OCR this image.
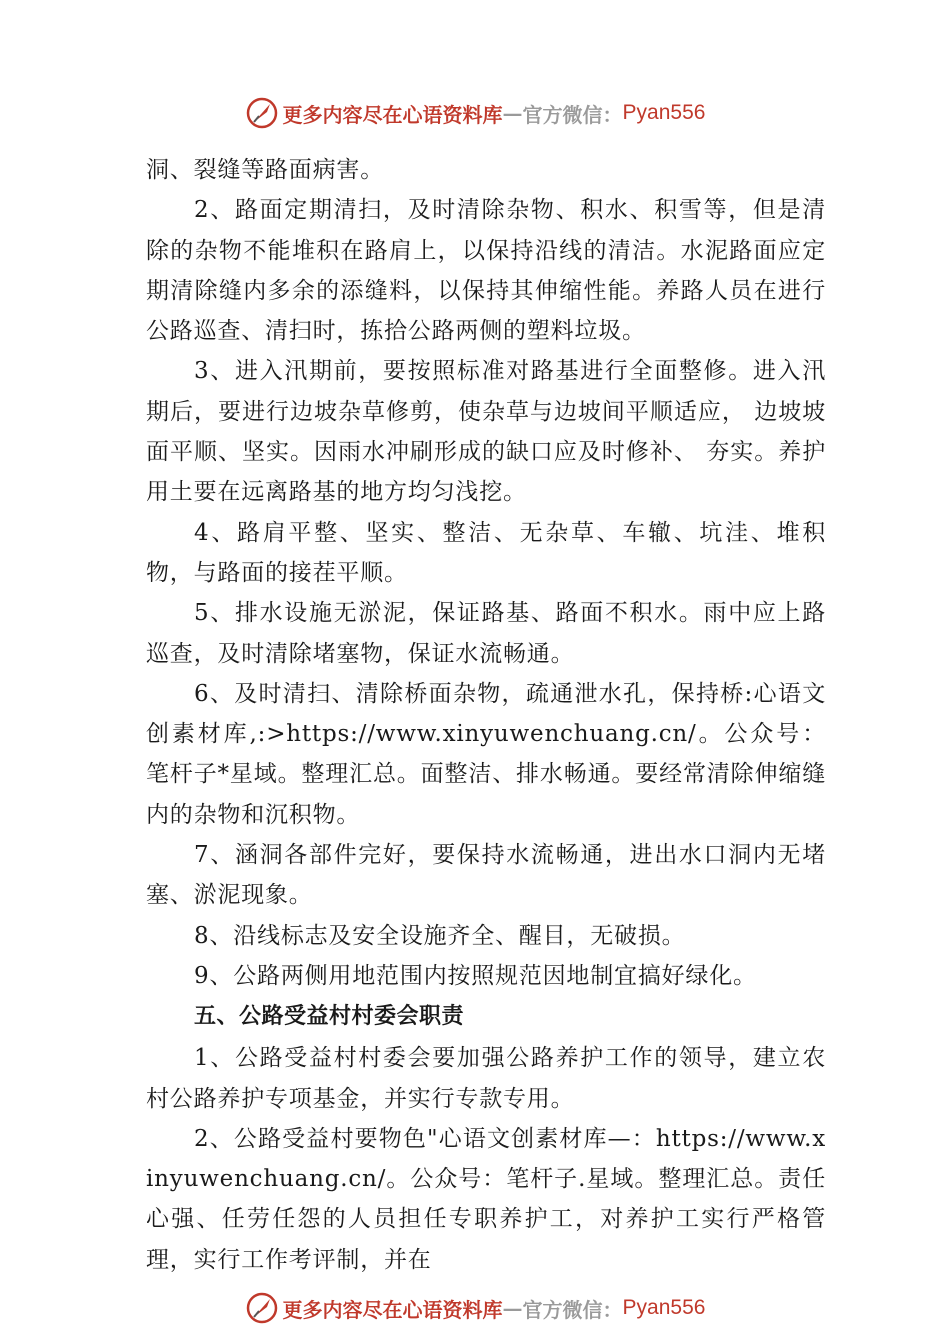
更多内容尽在心语资料库 — 官方微信： Pyan556

洞、裂缝等路面病害。

2、路面定期清扫，及时清除杂物、积水、积雪等，但是清除的杂物不能堆积在路肩上，以保持沿线的清洁。水泥路面应定期清除缝内多余的添缝料，以保持其伸缩性能。养路人员在进行公路巡查、清扫时，拣拾公路两侧的塑料垃圾。

3、进入汛期前，要按照标准对路基进行全面整修。进入汛期后，要进行边坡杂草修剪，使杂草与边坡间平顺适应， 边坡坡面平顺、坚实。因雨水冲刷形成的缺口应及时修补、 夯实。养护用土要在远离路基的地方均匀浅挖。

4、路肩平整、坚实、整洁、无杂草、车辙、坑洼、堆积物，与路面的接茬平顺。

5、排水设施无淤泥，保证路基、路面不积水。雨中应上路巡查，及时清除堵塞物，保证水流畅通。

6、及时清扫、清除桥面杂物，疏通泄水孔，保持桥:心语文创素材库,:>https://www.xinyuwenchuang.cn/。公众号：笔杆子*星域。整理汇总。面整洁、排水畅通。要经常清除伸缩缝内的杂物和沉积物。

7、涵洞各部件完好，要保持水流畅通，进出水口洞内无堵塞、淤泥现象。

8、沿线标志及安全设施齐全、醒目，无破损。

9、公路两侧用地范围内按照规范因地制宜搞好绿化。

五、公路受益村村委会职责

1、公路受益村村委会要加强公路养护工作的领导，建立农村公路养护专项基金，并实行专款专用。

2、公路受益村要物色"心语文创素材库—：https://www.xinyuwenchuang.cn/。公众号：笔杆子.星域。整理汇总。责任心强、任劳任怨的人员担任专职养护工，对养护工实行严格管理，实行工作考评制，并在

更多内容尽在心语资料库 — 官方微信： Pyan556
